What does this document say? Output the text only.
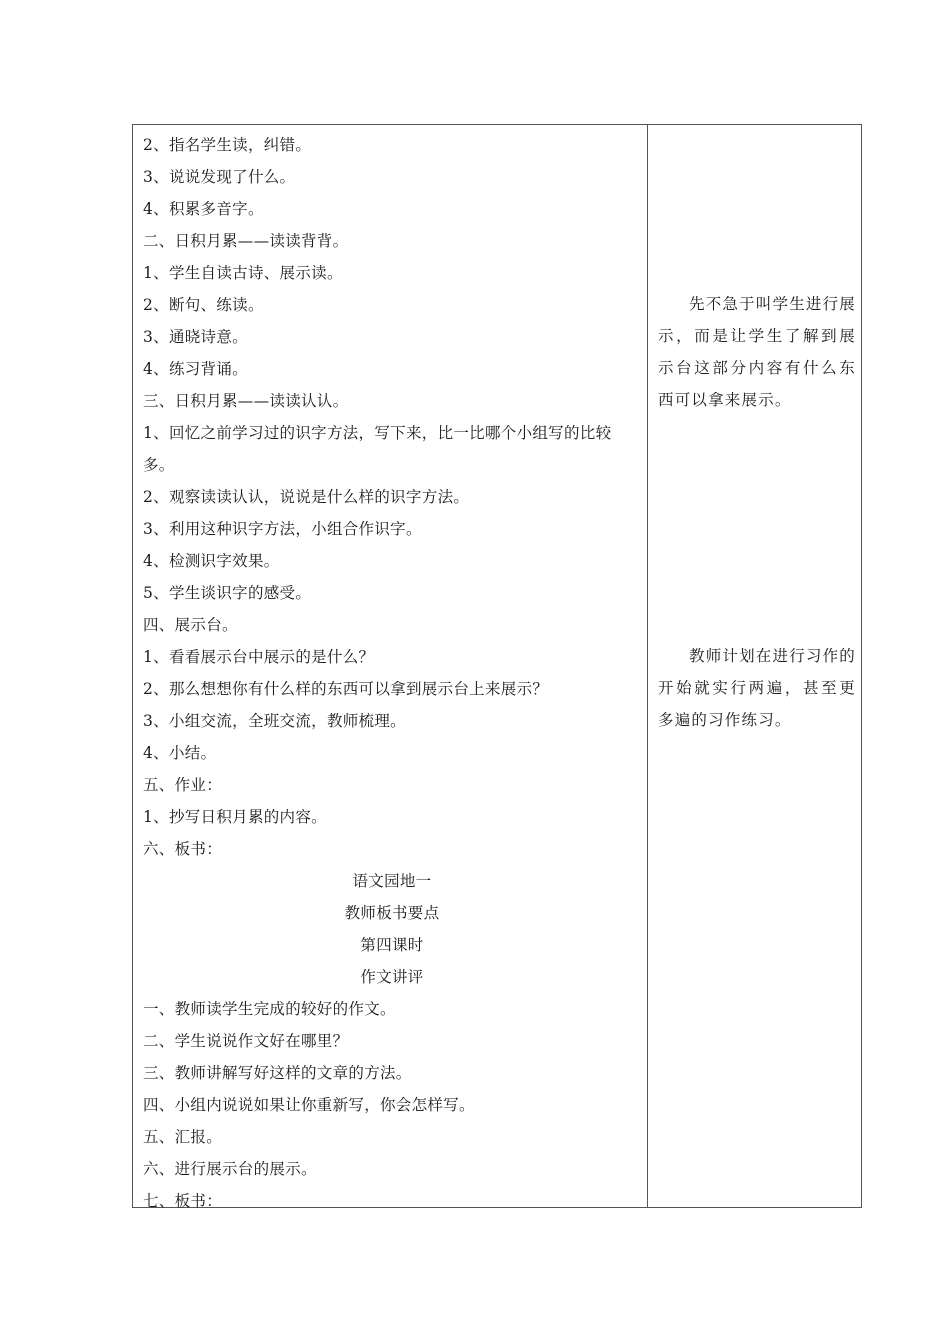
2、指名学生读，纠错。
3、说说发现了什么。
4、积累多音字。
二、日积月累——读读背背。
1、学生自读古诗、展示读。
2、断句、练读。
3、通晓诗意。
4、练习背诵。
三、日积月累——读读认认。
1、回忆之前学习过的识字方法，写下来，比一比哪个小组写的比较
多。
2、观察读读认认，说说是什么样的识字方法。
3、利用这种识字方法，小组合作识字。
4、检测识字效果。
5、学生谈识字的感受。
四、展示台。
1、看看展示台中展示的是什么？
2、那么想想你有什么样的东西可以拿到展示台上来展示？
3、小组交流，全班交流，教师梳理。
4、小结。
五、作业：
1、抄写日积月累的内容。
六、板书：
语文园地一
教师板书要点
第四课时
作文讲评
一、教师读学生完成的较好的作文。
二、学生说说作文好在哪里？
三、教师讲解写好这样的文章的方法。
四、小组内说说如果让你重新写，你会怎样写。
五、汇报。
六、进行展示台的展示。
七、板书：
先不急于叫学生进行展示，而是让学生了解到展示台这部分内容有什么东西可以拿来展示。
教师计划在进行习作的开始就实行两遍，甚至更多遍的习作练习。
